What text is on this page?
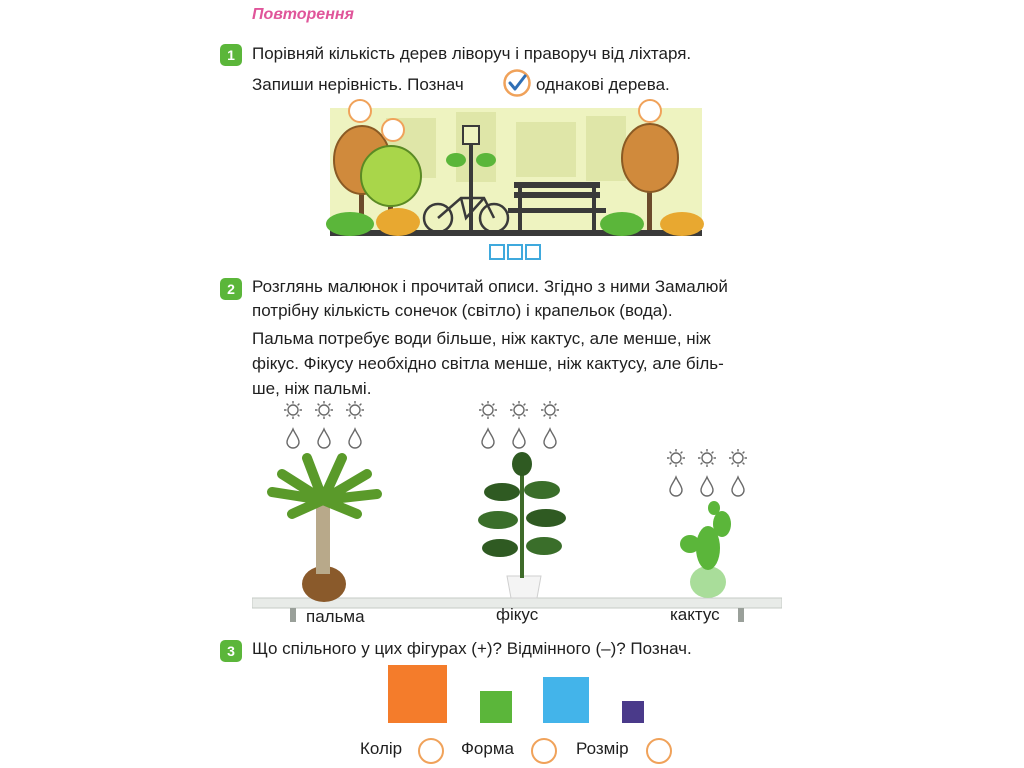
Повторення
1	Порівняй кількість дерев ліворуч і праворуч від ліхтаря.
Запиши нерівність. Познач	однакові дерева.
2	Розглянь малюнок і прочитай описи. Згідно з ними Замалюй
потрібну кількість сонечок (світло) і крапельок (вода).
Пальма потребує води більше, ніж кактус, але менше, ніж
фікус. Фікусу необхідно світла менше, ніж кактусу, але біль-
ше, ніж пальмі.
пальма	фікус	кактус
3	Що спільного у цих фігурах (+)? Відмінного (–)? Познач.
Колір	Форма	Розмір
